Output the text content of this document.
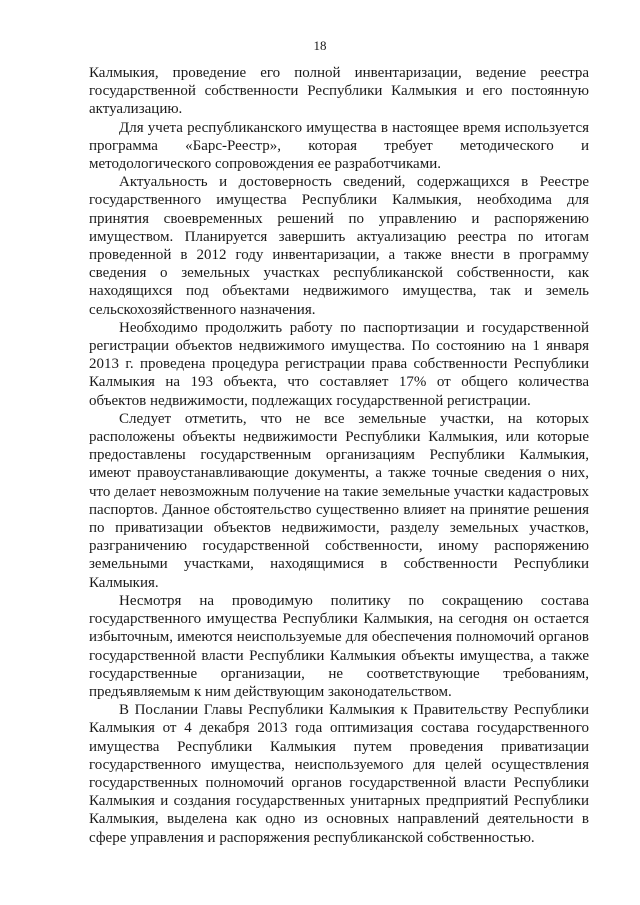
18

Калмыкия, проведение его полной инвентаризации, ведение реестра государственной собственности Республики Калмыкия и его постоянную актуализацию.

Для учета республиканского имущества в настоящее время используется программа «Барс-Реестр», которая требует методического и методологического сопровождения ее разработчиками.

Актуальность и достоверность сведений, содержащихся в Реестре государственного имущества Республики Калмыкия, необходима для принятия своевременных решений по управлению и распоряжению имуществом. Планируется завершить актуализацию реестра по итогам проведенной в 2012 году инвентаризации, а также внести в программу сведения о земельных участках республиканской собственности, как находящихся под объектами недвижимого имущества, так и земель сельскохозяйственного назначения.

Необходимо продолжить работу по паспортизации и государственной регистрации объектов недвижимого имущества. По состоянию на 1 января 2013 г. проведена процедура регистрации права собственности Республики Калмыкия на 193 объекта, что составляет 17% от общего количества объектов недвижимости, подлежащих государственной регистрации.

Следует отметить, что не все земельные участки, на которых расположены объекты недвижимости Республики Калмыкия, или которые предоставлены государственным организациям Республики Калмыкия, имеют правоустанавливающие документы, а также точные сведения о них, что делает невозможным получение на такие земельные участки кадастровых паспортов. Данное обстоятельство существенно влияет на принятие решения по приватизации объектов недвижимости, разделу земельных участков, разграничению государственной собственности, иному распоряжению земельными участками, находящимися в собственности Республики Калмыкия.

Несмотря на проводимую политику по сокращению состава государственного имущества Республики Калмыкия, на сегодня он остается избыточным, имеются неиспользуемые для обеспечения полномочий органов государственной власти Республики Калмыкия объекты имущества, а также государственные организации, не соответствующие требованиям, предъявляемым к ним действующим законодательством.

В Послании Главы Республики Калмыкия к Правительству Республики Калмыкия от 4 декабря 2013 года оптимизация состава государственного имущества Республики Калмыкия путем проведения приватизации государственного имущества, неиспользуемого для целей осуществления государственных полномочий органов государственной власти Республики Калмыкия и создания государственных унитарных предприятий Республики Калмыкия, выделена как одно из основных направлений деятельности в сфере управления и распоряжения республиканской собственностью.
